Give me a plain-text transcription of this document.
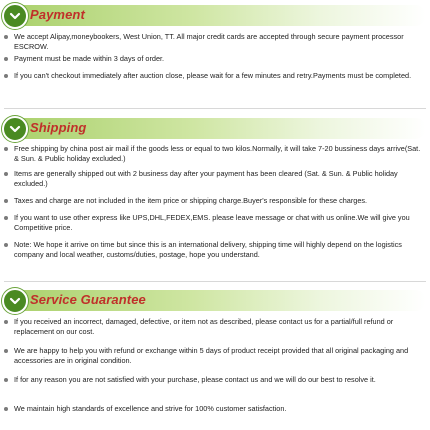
Payment
We accept Alipay,moneybookers, West Union, TT. All major credit cards are accepted through secure payment processor ESCROW.
Payment must be made within 3 days of order.
If you can't checkout immediately after auction close, please wait for a few minutes and retry.Payments must be completed.
Shipping
Free shipping by china post air mail if the goods less or equal to two kilos.Normally, it will take 7-20 bussiness days arrive(Sat. & Sun. & Public holiday excluded.)
Items are generally shipped out with 2 business day after your payment has been cleared (Sat. & Sun. & Public holiday excluded.)
Taxes and charge are not included in the item price or shipping charge.Buyer's responsible for these charges.
If you want to use other express like UPS,DHL,FEDEX,EMS. please leave message or chat with us online.We will give you Competitive price.
Note: We hope it arrive on time but since this is an international delivery, shipping time will highly depend on the logistics company and local weather, customs/duties, postage, hope you understand.
Service Guarantee
If you received an incorrect, damaged, defective, or item not as described, please contact us for a partial/full refund or replacement on our cost.
We are happy to help you with refund or exchange within 5 days of product receipt provided that all original packaging and accessories are in original condition.
If for any reason you are not satisfied with your purchase, please contact us and we will do our best to resolve it.
We maintain high standards of excellence and strive for 100% customer satisfaction.
